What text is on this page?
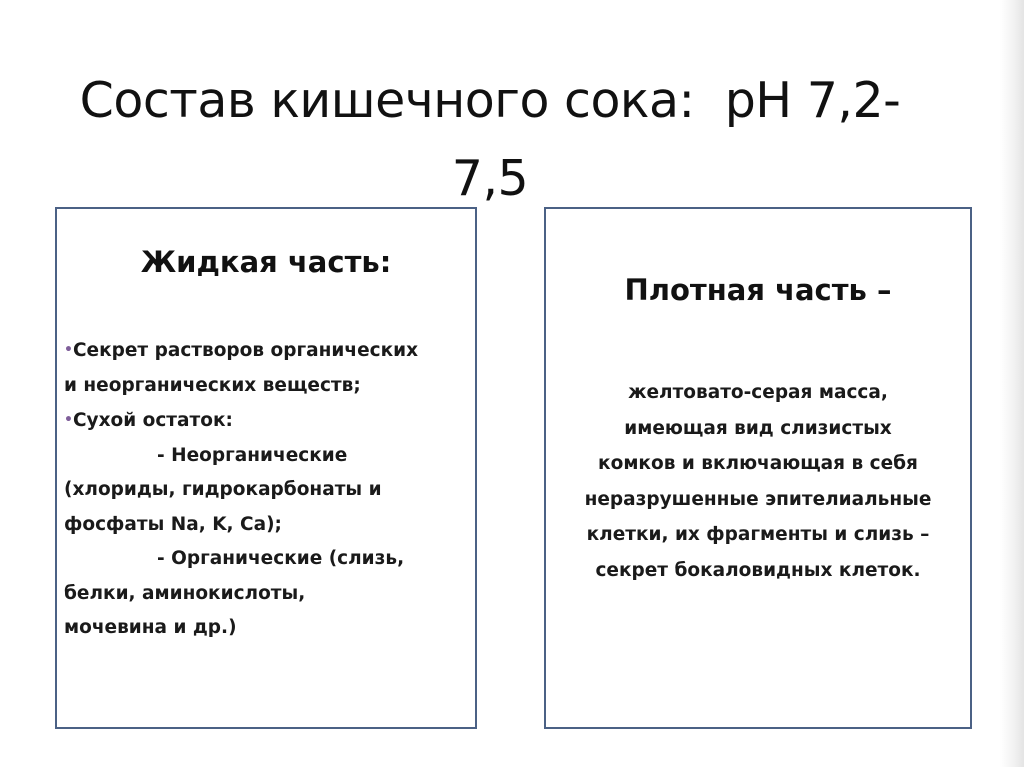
Состав кишечного сока:  pH 7,2-
7,5
Жидкая часть:
•Секрет растворов органических
и неорганических веществ;
•Сухой остаток:
- Неорганические
(хлориды, гидрокарбонаты и
фосфаты Na, K, Ca);
- Органические (слизь,
белки, аминокислоты,
мочевина и др.)
Плотная часть –
желтовато-серая масса,
имеющая вид слизистых
комков и включающая в себя
неразрушенные эпителиальные
клетки, их фрагменты и слизь –
секрет бокаловидных клеток.
